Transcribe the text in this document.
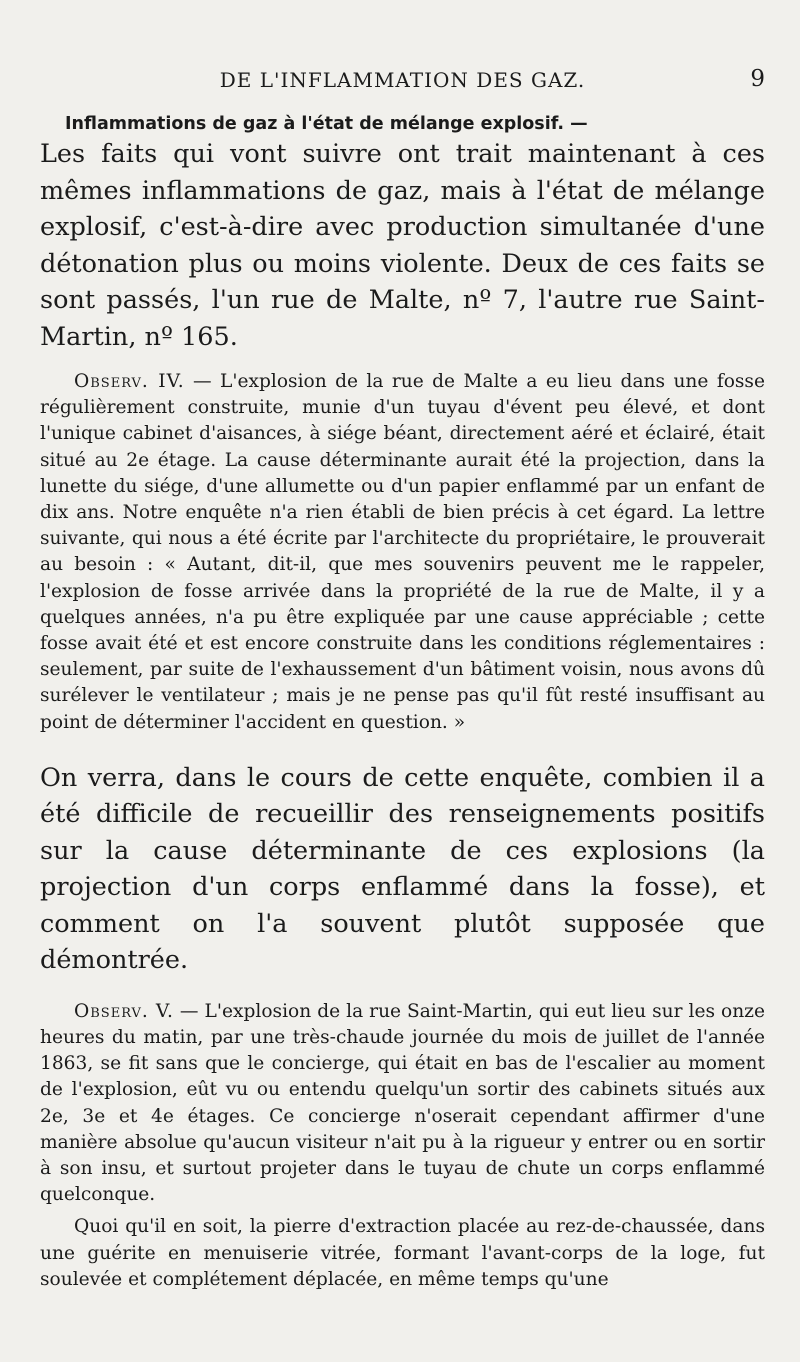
DE L'INFLAMMATION DES GAZ.	9
Inflammations de gaz à l'état de mélange explosif. —

Les faits qui vont suivre ont trait maintenant à ces mêmes inflammations de gaz, mais à l'état de mélange explosif, c'est-à-dire avec production simultanée d'une détonation plus ou moins violente. Deux de ces faits se sont passés, l'un rue de Malte, nº 7, l'autre rue Saint-Martin, nº 165.

Observ. IV. — L'explosion de la rue de Malte a eu lieu dans une fosse régulièrement construite, munie d'un tuyau d'évent peu élevé, et dont l'unique cabinet d'aisances, à siége béant, directement aéré et éclairé, était situé au 2e étage. La cause déterminante aurait été la projection, dans la lunette du siége, d'une allumette ou d'un papier enflammé par un enfant de dix ans. Notre enquête n'a rien établi de bien précis à cet égard. La lettre suivante, qui nous a été écrite par l'architecte du propriétaire, le prouverait au besoin : « Autant, dit-il, que mes souvenirs peuvent me le rappeler, l'explosion de fosse arrivée dans la propriété de la rue de Malte, il y a quelques années, n'a pu être expliquée par une cause appréciable ; cette fosse avait été et est encore construite dans les conditions réglementaires : seulement, par suite de l'exhaussement d'un bâtiment voisin, nous avons dû surélever le ventilateur ; mais je ne pense pas qu'il fût resté insuffisant au point de déterminer l'accident en question. »

On verra, dans le cours de cette enquête, combien il a été difficile de recueillir des renseignements positifs sur la cause déterminante de ces explosions (la projection d'un corps enflammé dans la fosse), et comment on l'a souvent plutôt supposée que démontrée.

Observ. V. — L'explosion de la rue Saint-Martin, qui eut lieu sur les onze heures du matin, par une très-chaude journée du mois de juillet de l'année 1863, se fit sans que le concierge, qui était en bas de l'escalier au moment de l'explosion, eût vu ou entendu quelqu'un sortir des cabinets situés aux 2e, 3e et 4e étages. Ce concierge n'oserait cependant affirmer d'une manière absolue qu'aucun visiteur n'ait pu à la rigueur y entrer ou en sortir à son insu, et surtout projeter dans le tuyau de chute un corps enflammé quelconque.

Quoi qu'il en soit, la pierre d'extraction placée au rez-de-chaussée, dans une guérite en menuiserie vitrée, formant l'avant-corps de la loge, fut soulevée et complétement déplacée, en même temps qu'une
